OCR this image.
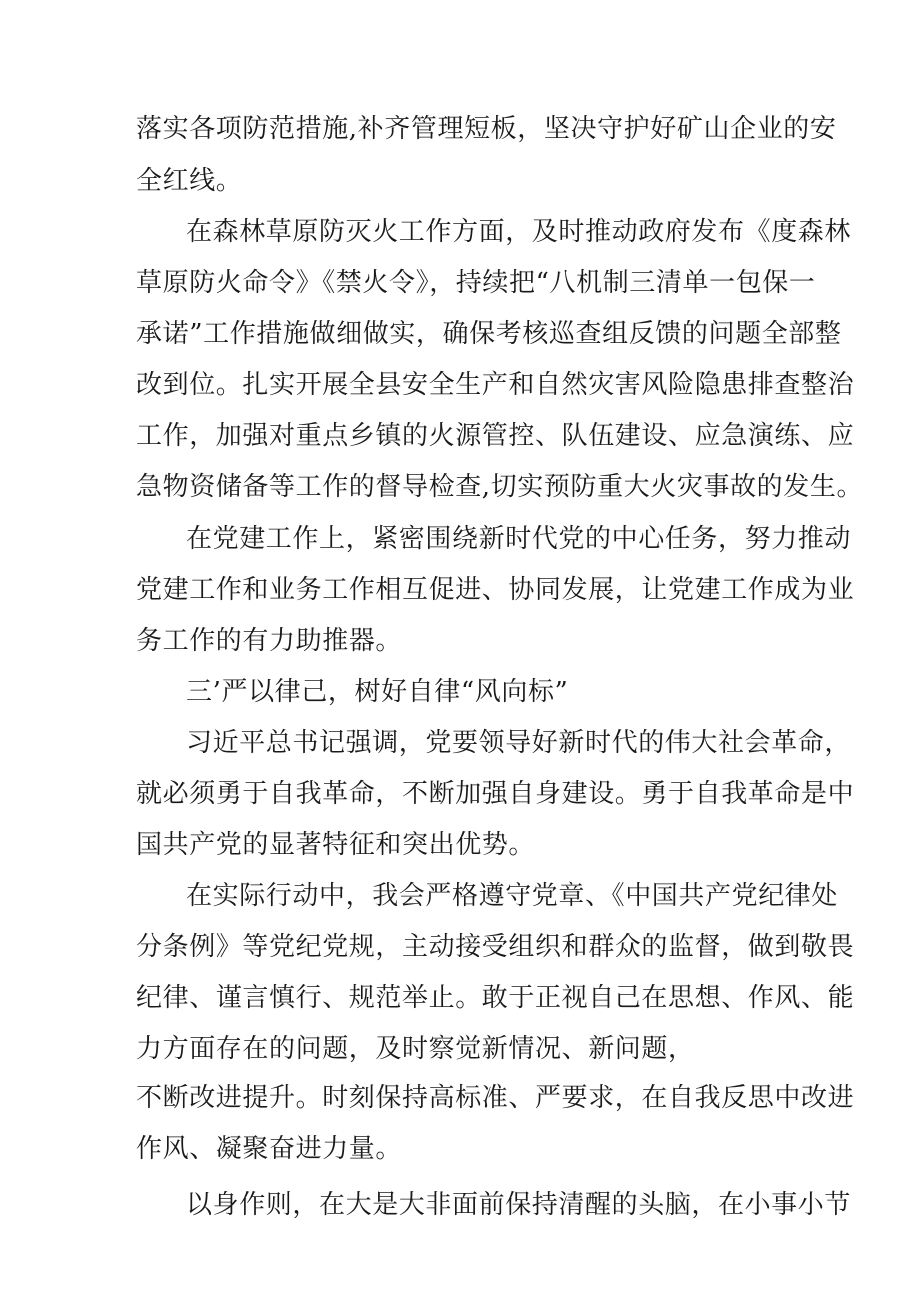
落实各项防范措施,补齐管理短板，坚决守护好矿山企业的安
全红线。
在森林草原防灭火工作方面，及时推动政府发布《度森林
草原防火命令》《禁火令》，持续把“八机制三清单一包保一
承诺”工作措施做细做实，确保考核巡查组反馈的问题全部整
改到位。扎实开展全县安全生产和自然灾害风险隐患排查整治
工作，加强对重点乡镇的火源管控、队伍建设、应急演练、应
急物资储备等工作的督导检查,切实预防重大火灾事故的发生。
在党建工作上，紧密围绕新时代党的中心任务，努力推动
党建工作和业务工作相互促进、协同发展，让党建工作成为业
务工作的有力助推器。
三’严以律己，树好自律“风向标”
习近平总书记强调，党要领导好新时代的伟大社会革命，
就必须勇于自我革命，不断加强自身建设。勇于自我革命是中
国共产党的显著特征和突出优势。
在实际行动中，我会严格遵守党章、《中国共产党纪律处
分条例》等党纪党规，主动接受组织和群众的监督，做到敬畏
纪律、谨言慎行、规范举止。敢于正视自己在思想、作风、能
力方面存在的问题，及时察觉新情况、新问题，
不断改进提升。时刻保持高标准、严要求，在自我反思中改进
作风、凝聚奋进力量。
以身作则，在大是大非面前保持清醒的头脑，在小事小节
